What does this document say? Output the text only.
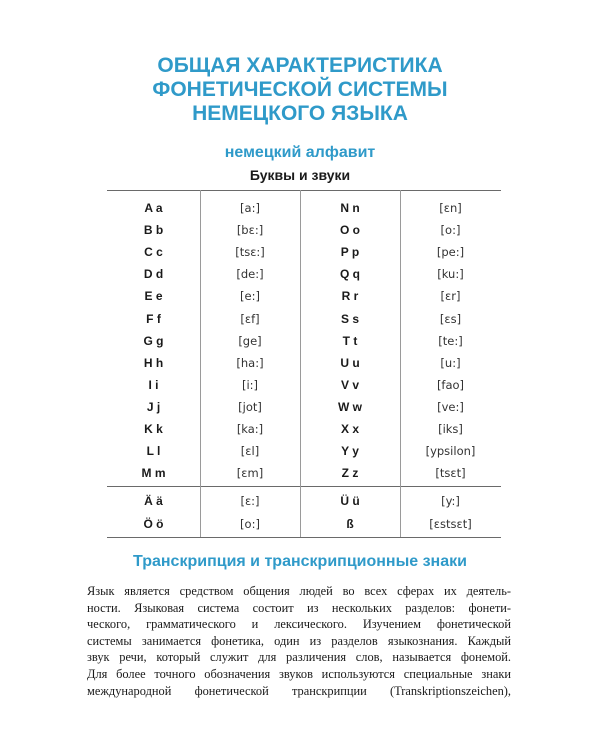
ОБЩАЯ ХАРАКТЕРИСТИКА
ФОНЕТИЧЕСКОЙ СИСТЕМЫ
НЕМЕЦКОГО ЯЗЫКА
немецкий алфавит
Буквы и звуки
A a	[a:]	N n	[ɛn]
B b	[bɛ:]	O o	[o:]
C c	[tsɛ:]	P p	[pe:]
D d	[de:]	Q q	[ku:]
E e	[e:]	R r	[ɛr]
F f	[ɛf]	S s	[ɛs]
G g	[ge]	T t	[te:]
H h	[ha:]	U u	[u:]
I i	[i:]	V v	[fao]
J j	[jot]	W w	[ve:]
K k	[ka:]	X x	[iks]
L l	[ɛl]	Y y	[ypsilon]
M m	[ɛm]	Z z	[tsɛt]
Ä ä	[ɛ:]	Ü ü	[y:]
Ö ö	[o:]	ß	[ɛstsɛt]
Транскрипция и транскрипционные знаки
Язык является средством общения людей во всех сферах их деятель-
ности. Языковая система состоит из нескольких разделов: фонети-
ческого, грамматического и лексического. Изучением фонетической
системы занимается фонетика, один из разделов языкознания. Каждый
звук речи, который служит для различения слов, называется фонемой.
Для более точного обозначения звуков используются специальные знаки
международной фонетической транскрипции (Transkriptionszeichen),
